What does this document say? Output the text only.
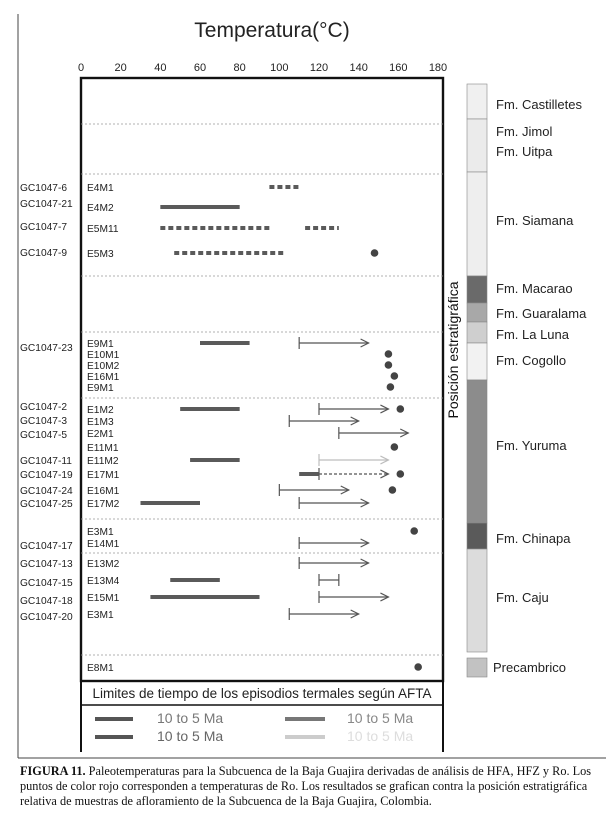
Temperatura(°C)
0	20 40 60 80 100 120 140 160 180
GC1047-6
GC1047-21
GC1047-7
GC1047-9
GC1047-23
GC1047-2
GC1047-3
GC1047-5
GC1047-11
GC1047-19
GC1047-24
GC1047-25
GC1047-17
GC1047-13
GC1047-15
GC1047-18
GC1047-20
E4M1
E4M2
E5M11
E5M3
E9M1
E10M1
E10M2
E16M1
E9M1
E1M2
E1M3
E2M1
E11M1
E11M2
E17M1
E16M1
E17M2
E3M1
E14M1
E13M2
E13M4
E15M1
E3M1
E8M1
Limites de tiempo de los episodios termales según AFTA
10 to 5 Ma	10 to 5 Ma
10 to 5 Ma	10 to 5 Ma
Posición estratigráfica
Fm. Castilletes
Fm. Jimol
Fm. Uitpa
Fm. Siamana
Fm. Macarao
Fm. Guaralama
Fm. La Luna
Fm. Cogollo
Fm. Yuruma
Fm. Chinapa
Fm. Caju
Precambrico
FIGURA 11. Paleotemperaturas para la Subcuenca de la Baja Guajira derivadas de análisis de HFA, HFZ y Ro. Los puntos de color rojo corresponden a temperaturas de Ro. Los resultados se grafican contra la posición estratigráfica relativa de muestras de afloramiento de la Subcuenca de la Baja Guajira, Colombia.
